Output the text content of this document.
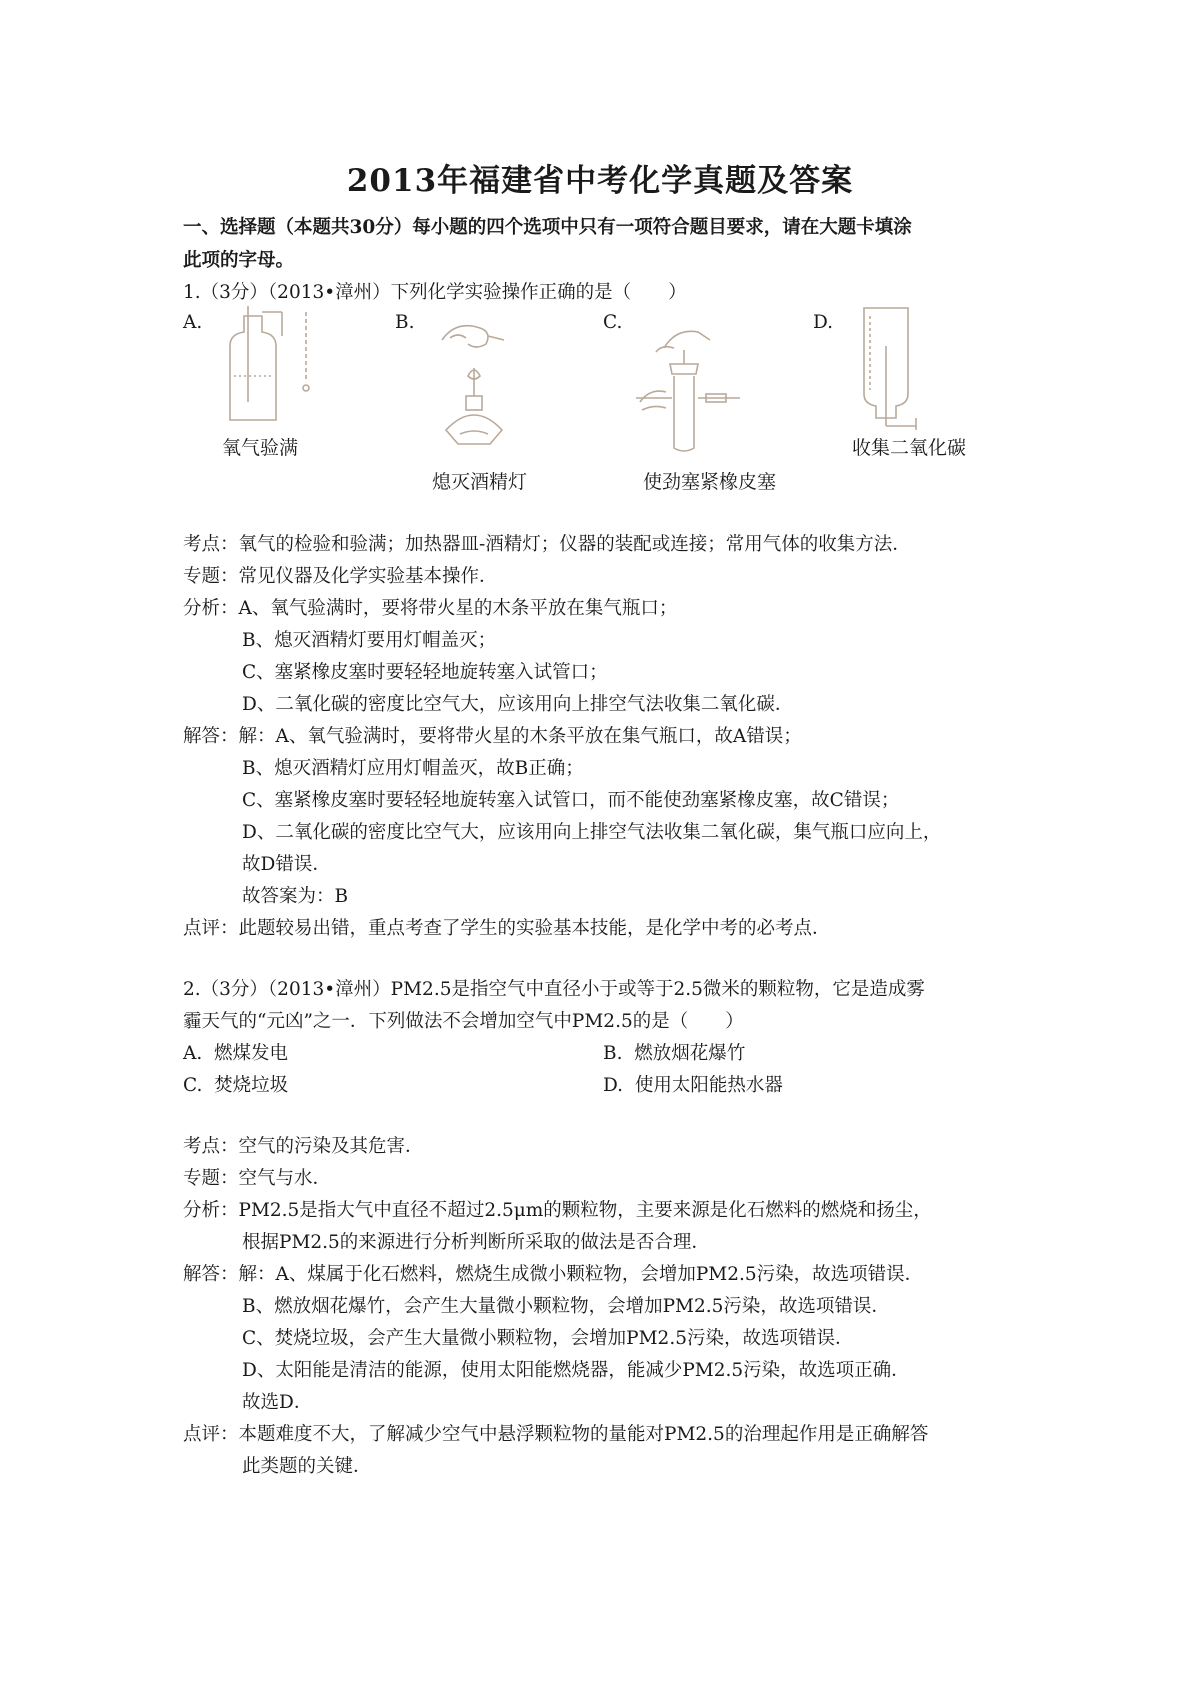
2013年福建省中考化学真题及答案
一、选择题（本题共30分）每小题的四个选项中只有一项符合题目要求，请在大题卡填涂
此项的字母。
1.（3分）（2013•漳州）下列化学实验操作正确的是（　　）
A.	B.	C.	D.
氧气验满
熄灭酒精灯	使劲塞紧橡皮塞
收集二氧化碳
考点：氧气的检验和验满；加热器皿-酒精灯；仪器的装配或连接；常用气体的收集方法．
专题：常见仪器及化学实验基本操作．
分析：A、氧气验满时，要将带火星的木条平放在集气瓶口；
B、熄灭酒精灯要用灯帽盖灭；
C、塞紧橡皮塞时要轻轻地旋转塞入试管口；
D、二氧化碳的密度比空气大，应该用向上排空气法收集二氧化碳．
解答：解：A、氧气验满时，要将带火星的木条平放在集气瓶口，故A错误；
B、熄灭酒精灯应用灯帽盖灭，故B正确；
C、塞紧橡皮塞时要轻轻地旋转塞入试管口，而不能使劲塞紧橡皮塞，故C错误；
D、二氧化碳的密度比空气大，应该用向上排空气法收集二氧化碳，集气瓶口应向上，
故D错误．
故答案为：B
点评：此题较易出错，重点考查了学生的实验基本技能，是化学中考的必考点．
2.（3分）（2013•漳州）PM2.5是指空气中直径小于或等于2.5微米的颗粒物，它是造成雾
霾天气的“元凶”之一．下列做法不会增加空气中PM2.5的是（　　）
A. 燃煤发电	B. 燃放烟花爆竹
C. 焚烧垃圾	D. 使用太阳能热水器
考点：空气的污染及其危害．
专题：空气与水．
分析：PM2.5是指大气中直径不超过2.5μm的颗粒物，主要来源是化石燃料的燃烧和扬尘，
根据PM2.5的来源进行分析判断所采取的做法是否合理．
解答：解：A、煤属于化石燃料，燃烧生成微小颗粒物，会增加PM2.5污染，故选项错误．
B、燃放烟花爆竹，会产生大量微小颗粒物，会增加PM2.5污染，故选项错误．
C、焚烧垃圾，会产生大量微小颗粒物，会增加PM2.5污染，故选项错误．
D、太阳能是清洁的能源，使用太阳能燃烧器，能减少PM2.5污染，故选项正确．
故选D．
点评：本题难度不大，了解减少空气中悬浮颗粒物的量能对PM2.5的治理起作用是正确解答
此类题的关键．
